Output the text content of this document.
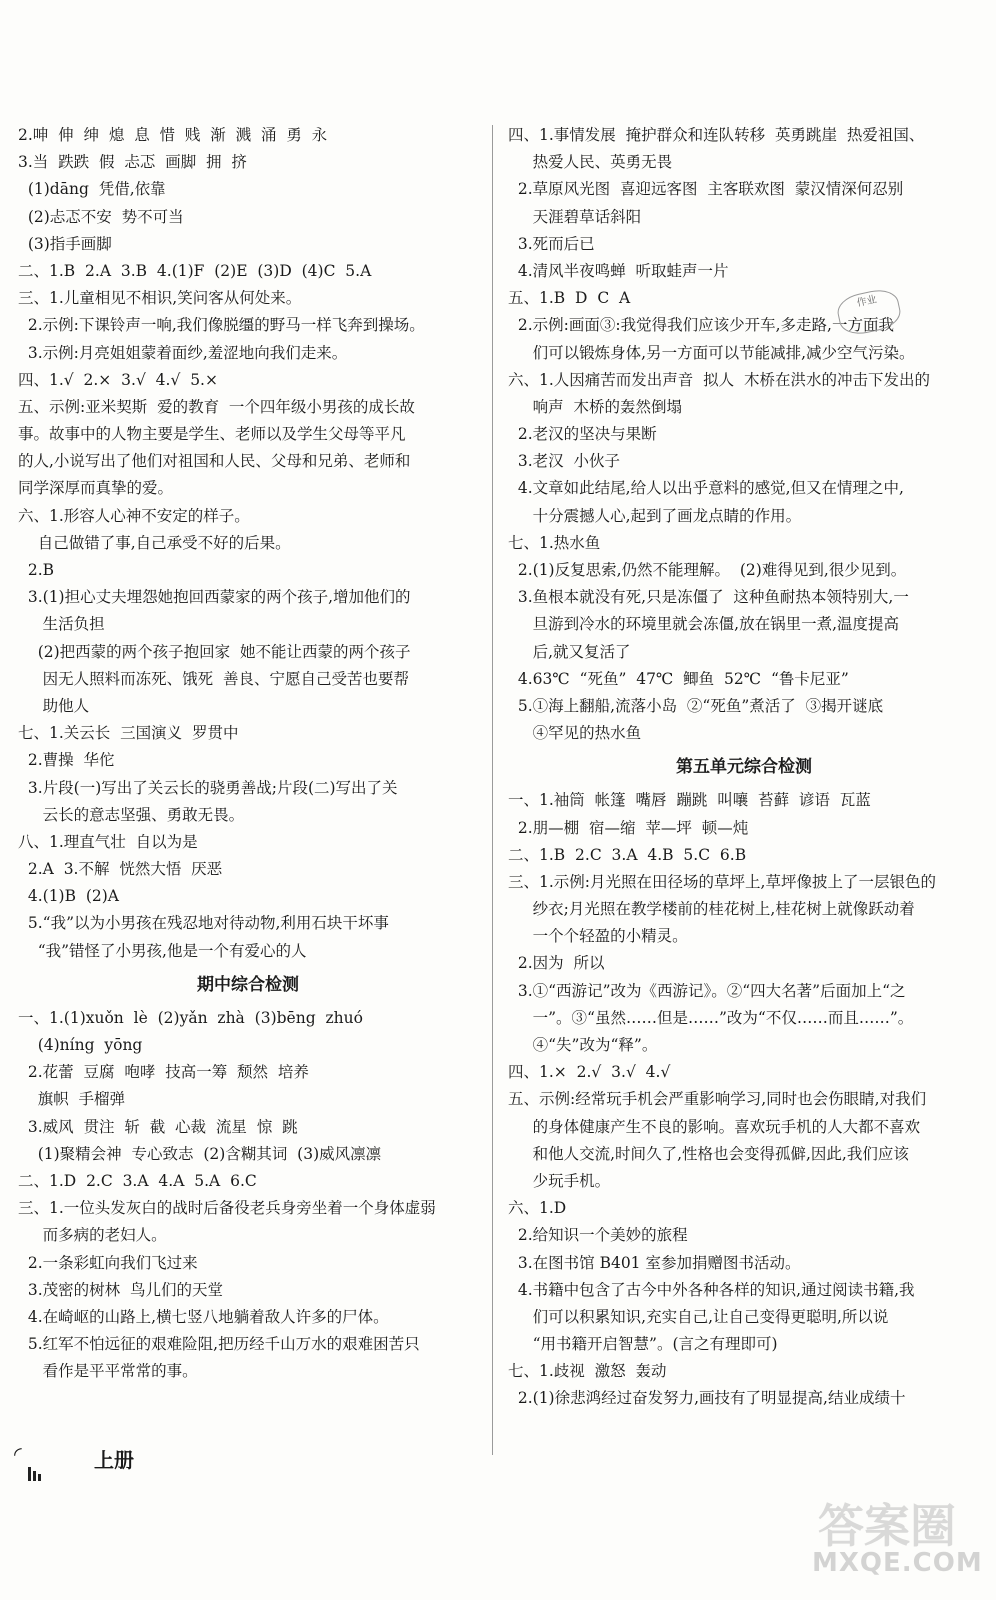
2.呻  伸  绅  熄  息  惜  贱  渐  溅  涌  勇  永
3.当  跌跌  假  忐忑  画脚  拥  挤
(1)dāng  凭借,依靠
(2)忐忑不安  势不可当
(3)指手画脚
二、1.B  2.A  3.B  4.(1)F  (2)E  (3)D  (4)C  5.A
三、1.儿童相见不相识,笑问客从何处来。
2.示例:下课铃声一响,我们像脱缰的野马一样飞奔到操场。
3.示例:月亮姐姐蒙着面纱,羞涩地向我们走来。
四、1.√  2.×  3.√  4.√  5.×
五、示例:亚米契斯  爱的教育  一个四年级小男孩的成长故
事。故事中的人物主要是学生、老师以及学生父母等平凡
的人,小说写出了他们对祖国和人民、父母和兄弟、老师和
同学深厚而真挚的爱。
六、1.形容人心神不安定的样子。
自己做错了事,自己承受不好的后果。
2.B
3.(1)担心丈夫埋怨她抱回西蒙家的两个孩子,增加他们的
生活负担
(2)把西蒙的两个孩子抱回家  她不能让西蒙的两个孩子
因无人照料而冻死、饿死  善良、宁愿自己受苦也要帮
助他人
七、1.关云长  三国演义  罗贯中
2.曹操  华佗
3.片段(一)写出了关云长的骁勇善战;片段(二)写出了关
云长的意志坚强、勇敢无畏。
八、1.理直气壮  自以为是
2.A  3.不解  恍然大悟  厌恶
4.(1)B  (2)A
5.“我”以为小男孩在残忍地对待动物,利用石块干坏事
“我”错怪了小男孩,他是一个有爱心的人
期中综合检测
一、1.(1)xuǒn  lè  (2)yǎn  zhà  (3)bēng  zhuó
(4)níng  yōng
2.花蕾  豆腐  咆哮  技高一筹  颓然  培养
旗帜  手榴弹
3.威风  贯注  斩  截  心裁  流星  惊  跳
(1)聚精会神  专心致志  (2)含糊其词  (3)威风凛凛
二、1.D  2.C  3.A  4.A  5.A  6.C
三、1.一位头发灰白的战时后备役老兵身旁坐着一个身体虚弱
而多病的老妇人。
2.一条彩虹向我们飞过来
3.茂密的树林  鸟儿们的天堂
4.在崎岖的山路上,横七竖八地躺着敌人许多的尸体。
5.红军不怕远征的艰难险阻,把历经千山万水的艰难困苦只
看作是平平常常的事。
四、1.事情发展  掩护群众和连队转移  英勇跳崖  热爱祖国、
热爱人民、英勇无畏
2.草原风光图  喜迎远客图  主客联欢图  蒙汉情深何忍别
天涯碧草话斜阳
3.死而后已
4.清风半夜鸣蝉  听取蛙声一片
五、1.B  D  C  A
2.示例:画面③:我觉得我们应该少开车,多走路,一方面我
们可以锻炼身体,另一方面可以节能减排,减少空气污染。
六、1.人因痛苦而发出声音  拟人  木桥在洪水的冲击下发出的
响声  木桥的轰然倒塌
2.老汉的坚决与果断
3.老汉  小伙子
4.文章如此结尾,给人以出乎意料的感觉,但又在情理之中,
十分震撼人心,起到了画龙点睛的作用。
七、1.热水鱼
2.(1)反复思索,仍然不能理解。  (2)难得见到,很少见到。
3.鱼根本就没有死,只是冻僵了  这种鱼耐热本领特别大,一
旦游到冷水的环境里就会冻僵,放在锅里一煮,温度提高
后,就又复活了
4.63℃  “死鱼”  47℃  鲫鱼  52℃  “鲁卡尼亚”
5.①海上翻船,流落小岛  ②“死鱼”煮活了  ③揭开谜底
④罕见的热水鱼
第五单元综合检测
一、1.袖筒  帐篷  嘴唇  蹦跳  叫嚷  苔藓  谚语  瓦蓝
2.朋—棚  宿—缩  苹—坪  顿—炖
二、1.B  2.C  3.A  4.B  5.C  6.B
三、1.示例:月光照在田径场的草坪上,草坪像披上了一层银色的
纱衣;月光照在教学楼前的桂花树上,桂花树上就像跃动着
一个个轻盈的小精灵。
2.因为  所以
3.①“西游记”改为《西游记》。②“四大名著”后面加上“之
一”。③“虽然……但是……”改为“不仅……而且……”。
④“失”改为“释”。
四、1.×  2.√  3.√  4.√
五、示例:经常玩手机会严重影响学习,同时也会伤眼睛,对我们
的身体健康产生不良的影响。喜欢玩手机的人大都不喜欢
和他人交流,时间久了,性格也会变得孤僻,因此,我们应该
少玩手机。
六、1.D
2.给知识一个美妙的旅程
3.在图书馆 B401 室参加捐赠图书活动。
4.书籍中包含了古今中外各种各样的知识,通过阅读书籍,我
们可以积累知识,充实自己,让自己变得更聪明,所以说
“用书籍开启智慧”。(言之有理即可)
七、1.歧视  激怒  轰动
2.(1)徐悲鸿经过奋发努力,画技有了明显提高,结业成绩十
作业
◜	上册
答案圈
MXQE.COM
